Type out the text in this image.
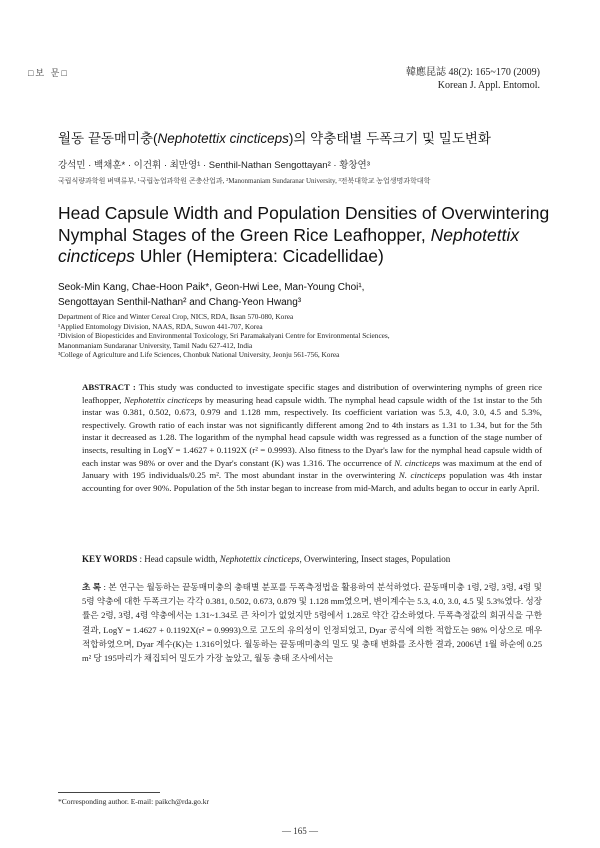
□보 문□	韓應昆誌 48(2): 165~170 (2009)
Korean J. Appl. Entomol.
월동 끝동매미충(Nephotettix cincticeps)의 약충태별 두폭크기 및 밀도변화
강석민 · 백채훈* · 이건휘 · 최만영¹ · Senthil-Nathan Sengottayan² · 황창연³
국립식량과학원 벼맥류부, ¹국립농업과학원 곤충산업과, ²Manonmaniam Sundaranar University, ³전북대학교 농업생명과학대학
Head Capsule Width and Population Densities of Overwintering Nymphal Stages of the Green Rice Leafhopper, Nephotettix cincticeps Uhler (Hemiptera: Cicadellidae)
Seok-Min Kang, Chae-Hoon Paik*, Geon-Hwi Lee, Man-Young Choi¹,
Sengottayan Senthil-Nathan² and Chang-Yeon Hwang³
Department of Rice and Winter Cereal Crop, NICS, RDA, Iksan 570-080, Korea
¹Applied Entomology Division, NAAS, RDA, Suwon 441-707, Korea
²Division of Biopesticides and Environmental Toxicology, Sri Paramakalyani Centre for Environmental Sciences,
Manonmaniam Sundaranar University, Tamil Nadu 627-412, India
³College of Agriculture and Life Sciences, Chonbuk National University, Jeonju 561-756, Korea
ABSTRACT : This study was conducted to investigate specific stages and distribution of overwintering nymphs of green rice leafhopper, Nephotettix cincticeps by measuring head capsule width. The nymphal head capsule width of the 1st instar to the 5th instar was 0.381, 0.502, 0.673, 0.979 and 1.128 mm, respectively. Its coefficient variation was 5.3, 4.0, 3.0, 4.5 and 5.3%, respectively. Growth ratio of each instar was not significantly different among 2nd to 4th instars as 1.31 to 1.34, but for the 5th instar it decreased as 1.28. The logarithm of the nymphal head capsule width was regressed as a function of the stage number of insects, resulting in LogY = 1.4627 + 0.1192X (r² = 0.9993). Also fitness to the Dyar's law for the nymphal head capsule width of each instar was 98% or over and the Dyar's constant (K) was 1.316. The occurrence of N. cincticeps was maximum at the end of January with 195 individuals/0.25 m². The most abundant instar in the overwintering N. cincticeps population was 4th instar accounting for over 90%. Population of the 5th instar began to increase from mid-March, and adults began to occur in early April.
KEY WORDS : Head capsule width, Nephotettix cincticeps, Overwintering, Insect stages, Population
초 록 : 본 연구는 월동하는 끝동매미충의 충태별 분포를 두폭측정법을 활용하여 분석하였다. 끝동매미충 1령, 2령, 3령, 4령 및 5령 약충에 대한 두폭크기는 각각 0.381, 0.502, 0.673, 0.879 및 1.128 mm였으며, 변이계수는 5.3, 4.0, 3.0, 4.5 및 5.3%였다. 성장률은 2령, 3령, 4령 약충에서는 1.31~1.34로 큰 차이가 없었지만 5령에서 1.28로 약간 감소하였다. 두폭측정값의 회귀식을 구한 결과, LogY = 1.4627 + 0.1192X(r² = 0.9993)으로 고도의 유의성이 인정되었고, Dyar 공식에 의한 적합도는 98% 이상으로 매우 적합하였으며, Dyar 계수(K)는 1.316이었다. 월동하는 끝동매미충의 밀도 및 충태 변화를 조사한 결과, 2006년 1월 하순에 0.25 m² 당 195마리가 채집되어 밀도가 가장 높았고, 월동 충태 조사에서는
*Corresponding author. E-mail: paikch@rda.go.kr
— 165 —
